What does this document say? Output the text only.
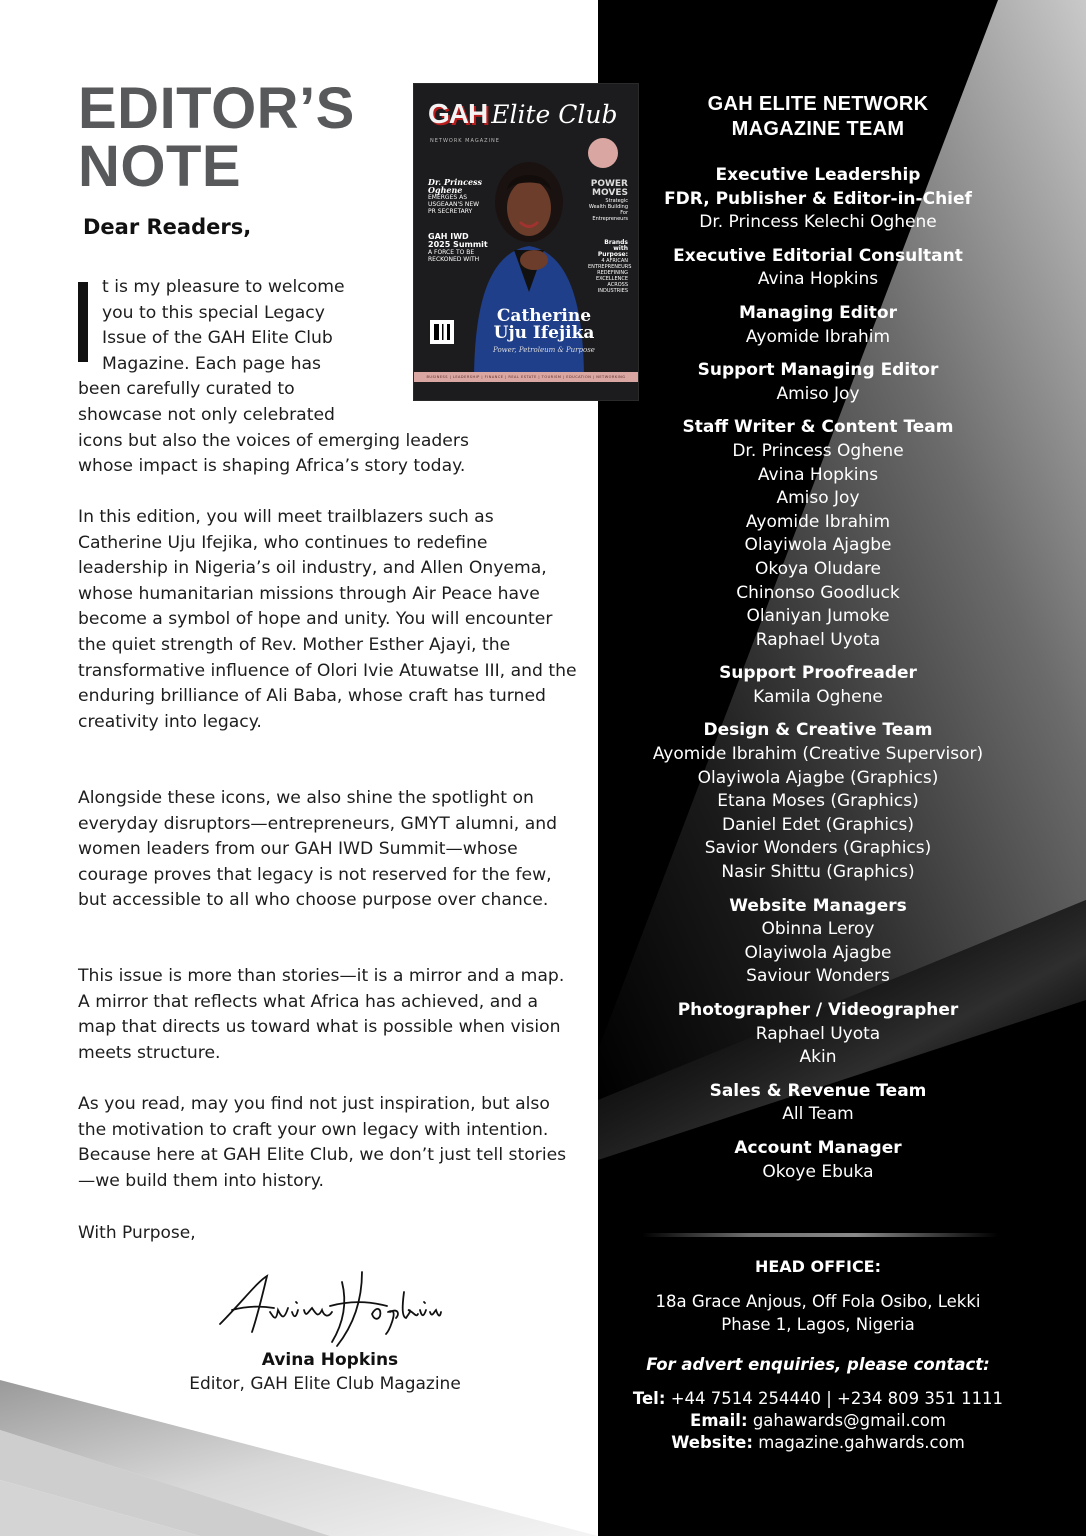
EDITOR’S
NOTE

Dear Readers,

t is my pleasure to welcome
you to this special Legacy
Issue of the GAH Elite Club
Magazine. Each page has
been carefully curated to
showcase not only celebrated
icons but also the voices of emerging leaders
whose impact is shaping Africa’s story today.

In this edition, you will meet trailblazers such as Catherine Uju Ifejika, who continues to redefine leadership in Nigeria’s oil industry, and Allen Onyema, whose humanitarian missions through Air Peace have become a symbol of hope and unity. You will encounter the quiet strength of Rev. Mother Esther Ajayi, the transformative influence of Olori Ivie Atuwatse III, and the enduring brilliance of Ali Baba, whose craft has turned creativity into legacy.

Alongside these icons, we also shine the spotlight on everyday disruptors—entrepreneurs, GMYT alumni, and women leaders from our GAH IWD Summit—whose courage proves that legacy is not reserved for the few, but accessible to all who choose purpose over chance.

This issue is more than stories—it is a mirror and a map. A mirror that reflects what Africa has achieved, and a map that directs us toward what is possible when vision meets structure.

As you read, may you find not just inspiration, but also the motivation to craft your own legacy with intention. Because here at GAH Elite Club, we don’t just tell stories—we build them into history.

With Purpose,

Avina Hopkins
Editor, GAH Elite Club Magazine
GAH Elite Club
NETWORK MAGAZINE
Dr. Princess Oghene
EMERGES AS USGEAAN'S NEW PR SECRETARY
GAH IWD 2025 Summit
A FORCE TO BE RECKONED WITH
POWER MOVES
Strategic Wealth Building For Entrepreneurs
Brands with Purpose:
4 AFRICAN ENTREPRENEURS REDEFINING EXCELLENCE ACROSS INDUSTRIES
Catherine
Uju Ifejika
Power, Petroleum & Purpose
BUSINESS | LEADERSHIP | FINANCE | REAL ESTATE | TOURISM | EDUCATION | NETWORKING
GAH ELITE NETWORK
MAGAZINE TEAM

Executive Leadership

FDR, Publisher & Editor-in-Chief

Dr. Princess Kelechi Oghene

Executive Editorial Consultant

Avina Hopkins

Managing Editor

Ayomide Ibrahim

Support Managing Editor

Amiso Joy

Staff Writer & Content Team

Dr. Princess Oghene

Avina Hopkins

Amiso Joy

Ayomide Ibrahim

Olayiwola Ajagbe

Okoya Oludare

Chinonso Goodluck

Olaniyan Jumoke

Raphael Uyota

Support Proofreader

Kamila Oghene

Design & Creative Team

Ayomide Ibrahim (Creative Supervisor)

Olayiwola Ajagbe (Graphics)

Etana Moses (Graphics)

Daniel Edet (Graphics)

Savior Wonders (Graphics)

Nasir Shittu (Graphics)

Website Managers

Obinna Leroy

Olayiwola Ajagbe

Saviour Wonders

Photographer / Videographer

Raphael Uyota

Akin

Sales & Revenue Team

All Team

Account Manager

Okoye Ebuka

HEAD OFFICE:
18a Grace Anjous, Off Fola Osibo, Lekki
Phase 1, Lagos, Nigeria
For advert enquiries, please contact:
Tel: +44 7514 254440 | +234 809 351 1111
Email: gahawards@gmail.com
Website: magazine.gahwards.com
